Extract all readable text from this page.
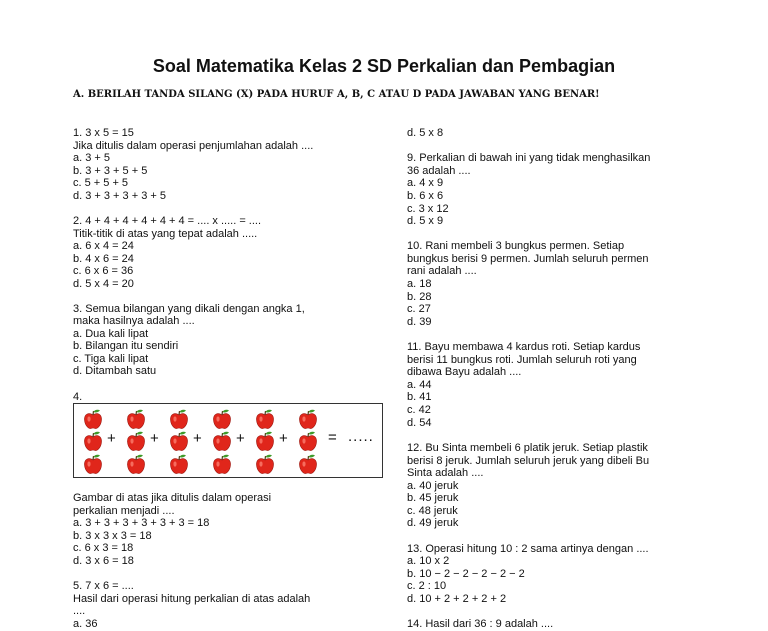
Soal Matematika Kelas 2 SD Perkalian dan Pembagian

A. BERILAH TANDA SILANG (X) PADA HURUF A, B, C ATAU D PADA JAWABAN YANG BENAR!

1. 3 x 5 = 15
Jika ditulis dalam operasi penjumlahan adalah ....
a. 3 + 5
b. 3 + 3 + 5 + 5
c. 5 + 5 + 5
d. 3 + 3 + 3 + 3 + 5
2. 4 + 4 + 4 + 4 + 4 + 4 = .... x ..... = ....
Titik-titik di atas yang tepat adalah .....
a. 6 x 4 = 24
b. 4 x 6 = 24
c. 6 x 6 = 36
d. 5 x 4 = 20
3. Semua bilangan yang dikali dengan angka 1,
maka hasilnya adalah ....
a. Dua kali lipat
b. Bilangan itu sendiri
c. Tiga kali lipat
d. Ditambah satu
4.
Gambar di atas jika ditulis dalam operasi
perkalian menjadi ....
a. 3 + 3 + 3 + 3 + 3 + 3 = 18
b. 3 x 3 x 3 = 18
c. 6 x 3 = 18
d. 3 x 6 = 18
5. 7 x 6 = ....
Hasil dari operasi hitung perkalian di atas adalah
....
a. 36
d. 5 x 8
9. Perkalian di bawah ini yang tidak menghasilkan
36 adalah ....
a. 4 x 9
b. 6 x 6
c. 3 x 12
d. 5 x 9
10. Rani membeli 3 bungkus permen. Setiap
bungkus berisi 9 permen. Jumlah seluruh permen
rani adalah ....
a. 18
b. 28
c. 27
d. 39
11. Bayu membawa 4 kardus roti. Setiap kardus
berisi 11 bungkus roti. Jumlah seluruh roti yang
dibawa Bayu adalah ....
a. 44
b. 41
c. 42
d. 54
12. Bu Sinta membeli 6 platik jeruk. Setiap plastik
berisi 8 jeruk. Jumlah seluruh jeruk yang dibeli Bu
Sinta adalah ....
a. 40 jeruk
b. 45 jeruk
c. 48 jeruk
d. 49 jeruk
13. Operasi hitung 10 : 2 sama artinya dengan ....
a. 10 x 2
b. 10 − 2 − 2 − 2 − 2 − 2
c. 2 : 10
d. 10 + 2 + 2 + 2 + 2
14. Hasil dari 36 : 9 adalah ....
+ + + + +	= .....
